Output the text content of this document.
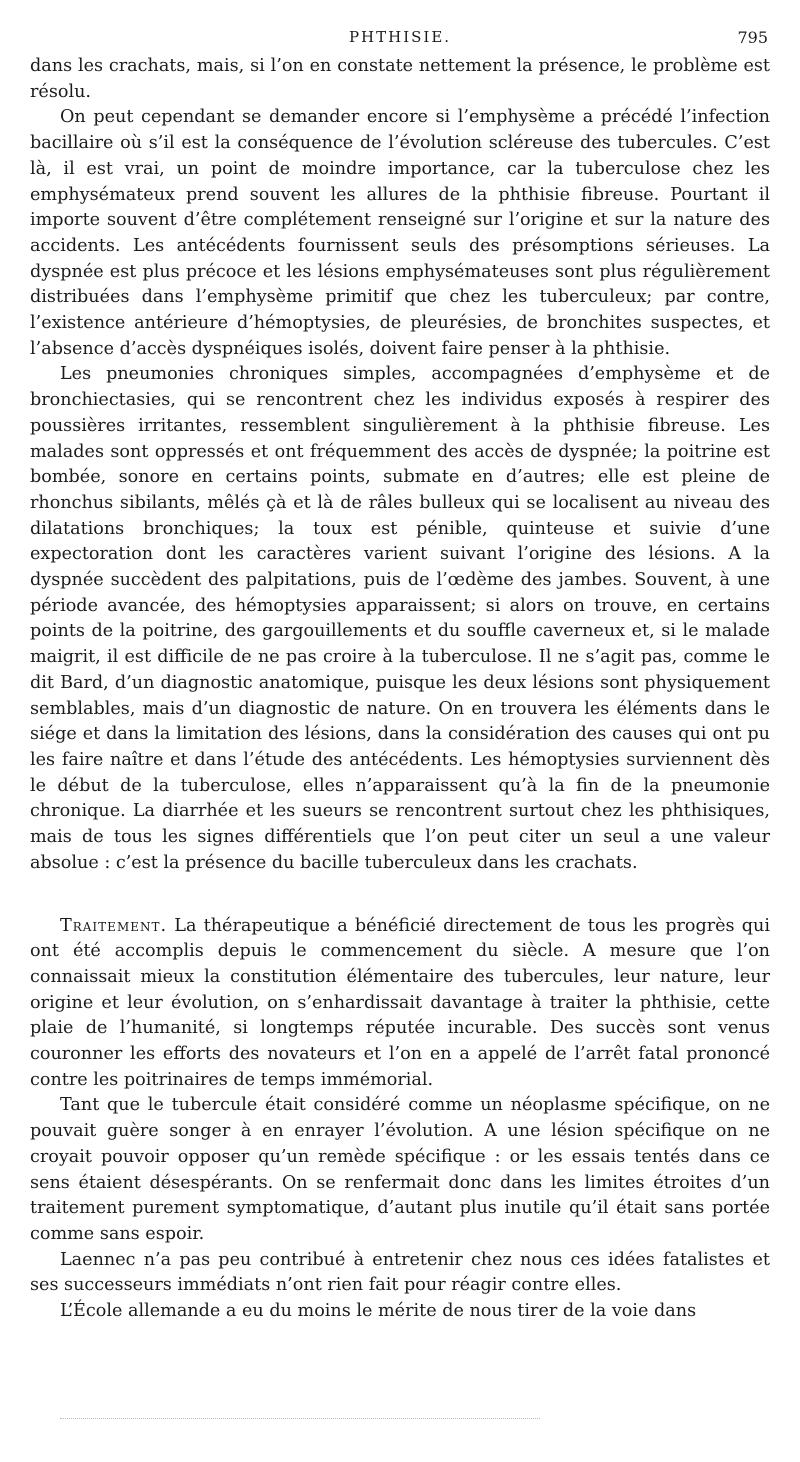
PHTHISIE.	795

dans les crachats, mais, si l’on en constate nettement la présence, le problème est résolu.

On peut cependant se demander encore si l’emphysème a précédé l’infection bacillaire où s’il est la conséquence de l’évolution scléreuse des tubercules. C’est là, il est vrai, un point de moindre importance, car la tuberculose chez les emphysémateux prend souvent les allures de la phthisie fibreuse. Pourtant il importe souvent d’être complétement renseigné sur l’origine et sur la nature des accidents. Les antécédents fournissent seuls des présomptions sérieuses. La dyspnée est plus précoce et les lésions emphysémateuses sont plus régulièrement distribuées dans l’emphysème primitif que chez les tuberculeux; par contre, l’existence antérieure d’hémoptysies, de pleurésies, de bronchites suspectes, et l’absence d’accès dyspnéiques isolés, doivent faire penser à la phthisie.

Les pneumonies chroniques simples, accompagnées d’emphysème et de bronchiectasies, qui se rencontrent chez les individus exposés à respirer des poussières irritantes, ressemblent singulièrement à la phthisie fibreuse. Les malades sont oppressés et ont fréquemment des accès de dyspnée; la poitrine est bombée, sonore en certains points, submate en d’autres; elle est pleine de rhonchus sibilants, mêlés çà et là de râles bulleux qui se localisent au niveau des dilatations bronchiques; la toux est pénible, quinteuse et suivie d’une expectoration dont les caractères varient suivant l’origine des lésions. A la dyspnée succèdent des palpitations, puis de l’œdème des jambes. Souvent, à une période avancée, des hémoptysies apparaissent; si alors on trouve, en certains points de la poitrine, des gargouillements et du souffle caverneux et, si le malade maigrit, il est difficile de ne pas croire à la tuberculose. Il ne s’agit pas, comme le dit Bard, d’un diagnostic anatomique, puisque les deux lésions sont physiquement semblables, mais d’un diagnostic de nature. On en trouvera les éléments dans le siége et dans la limitation des lésions, dans la considération des causes qui ont pu les faire naître et dans l’étude des antécédents. Les hémoptysies surviennent dès le début de la tuberculose, elles n’apparaissent qu’à la fin de la pneumonie chronique. La diarrhée et les sueurs se rencontrent surtout chez les phthisiques, mais de tous les signes différentiels que l’on peut citer un seul a une valeur absolue : c’est la présence du bacille tuberculeux dans les crachats.

Traitement. La thérapeutique a bénéficié directement de tous les progrès qui ont été accomplis depuis le commencement du siècle. A mesure que l’on connaissait mieux la constitution élémentaire des tubercules, leur nature, leur origine et leur évolution, on s’enhardissait davantage à traiter la phthisie, cette plaie de l’humanité, si longtemps réputée incurable. Des succès sont venus couronner les efforts des novateurs et l’on en a appelé de l’arrêt fatal prononcé contre les poitrinaires de temps immémorial.

Tant que le tubercule était considéré comme un néoplasme spécifique, on ne pouvait guère songer à en enrayer l’évolution. A une lésion spécifique on ne croyait pouvoir opposer qu’un remède spécifique : or les essais tentés dans ce sens étaient désespérants. On se renfermait donc dans les limites étroites d’un traitement purement symptomatique, d’autant plus inutile qu’il était sans portée comme sans espoir.

Laennec n’a pas peu contribué à entretenir chez nous ces idées fatalistes et ses successeurs immédiats n’ont rien fait pour réagir contre elles.

L’École allemande a eu du moins le mérite de nous tirer de la voie dans
